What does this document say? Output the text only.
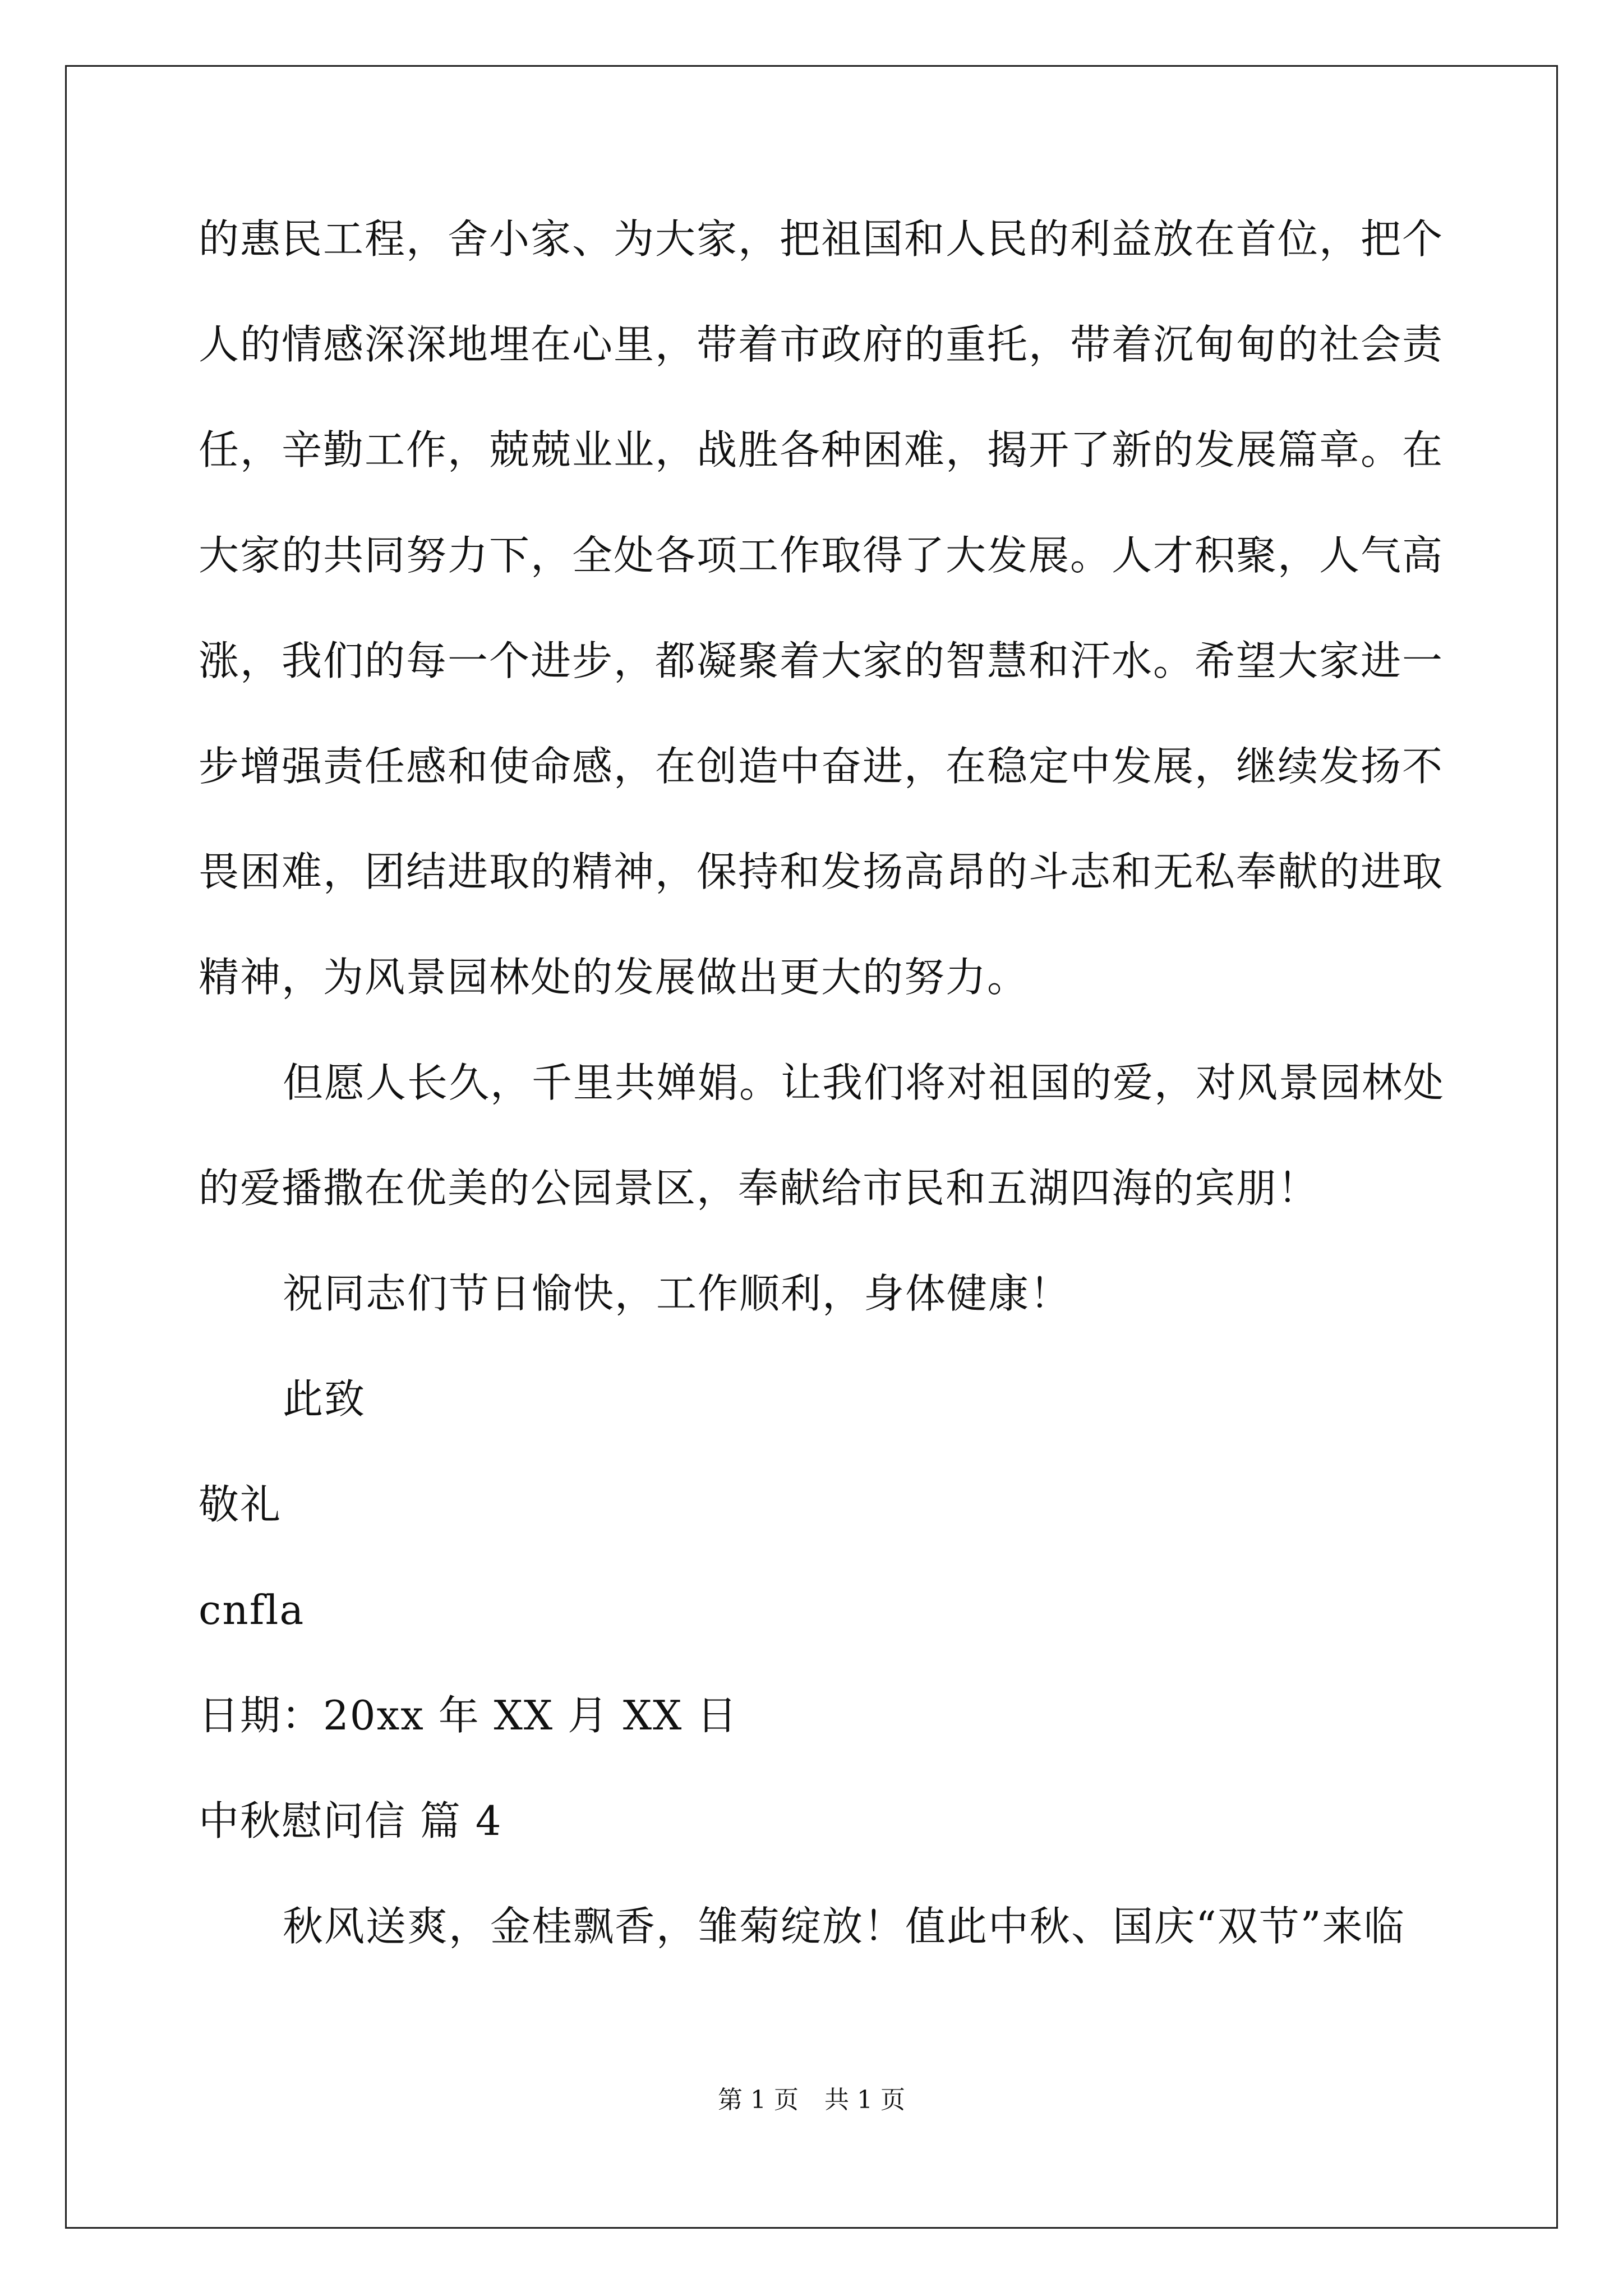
的惠民工程，舍小家、为大家，把祖国和人民的利益放在首位，把个
人的情感深深地埋在心里，带着市政府的重托，带着沉甸甸的社会责
任，辛勤工作，兢兢业业，战胜各种困难，揭开了新的发展篇章。在
大家的共同努力下，全处各项工作取得了大发展。人才积聚，人气高
涨，我们的每一个进步，都凝聚着大家的智慧和汗水。希望大家进一
步增强责任感和使命感，在创造中奋进，在稳定中发展，继续发扬不
畏困难，团结进取的精神，保持和发扬高昂的斗志和无私奉献的进取
精神，为风景园林处的发展做出更大的努力。
但愿人长久，千里共婵娟。让我们将对祖国的爱，对风景园林处
的爱播撒在优美的公园景区，奉献给市民和五湖四海的宾朋！
祝同志们节日愉快，工作顺利，身体健康！
此致
敬礼
cnfla
日期：20xx 年 XX 月 XX 日
中秋慰问信 篇 4
秋风送爽，金桂飘香，雏菊绽放！值此中秋、国庆“双节”来临
第 1 页 共 1 页
